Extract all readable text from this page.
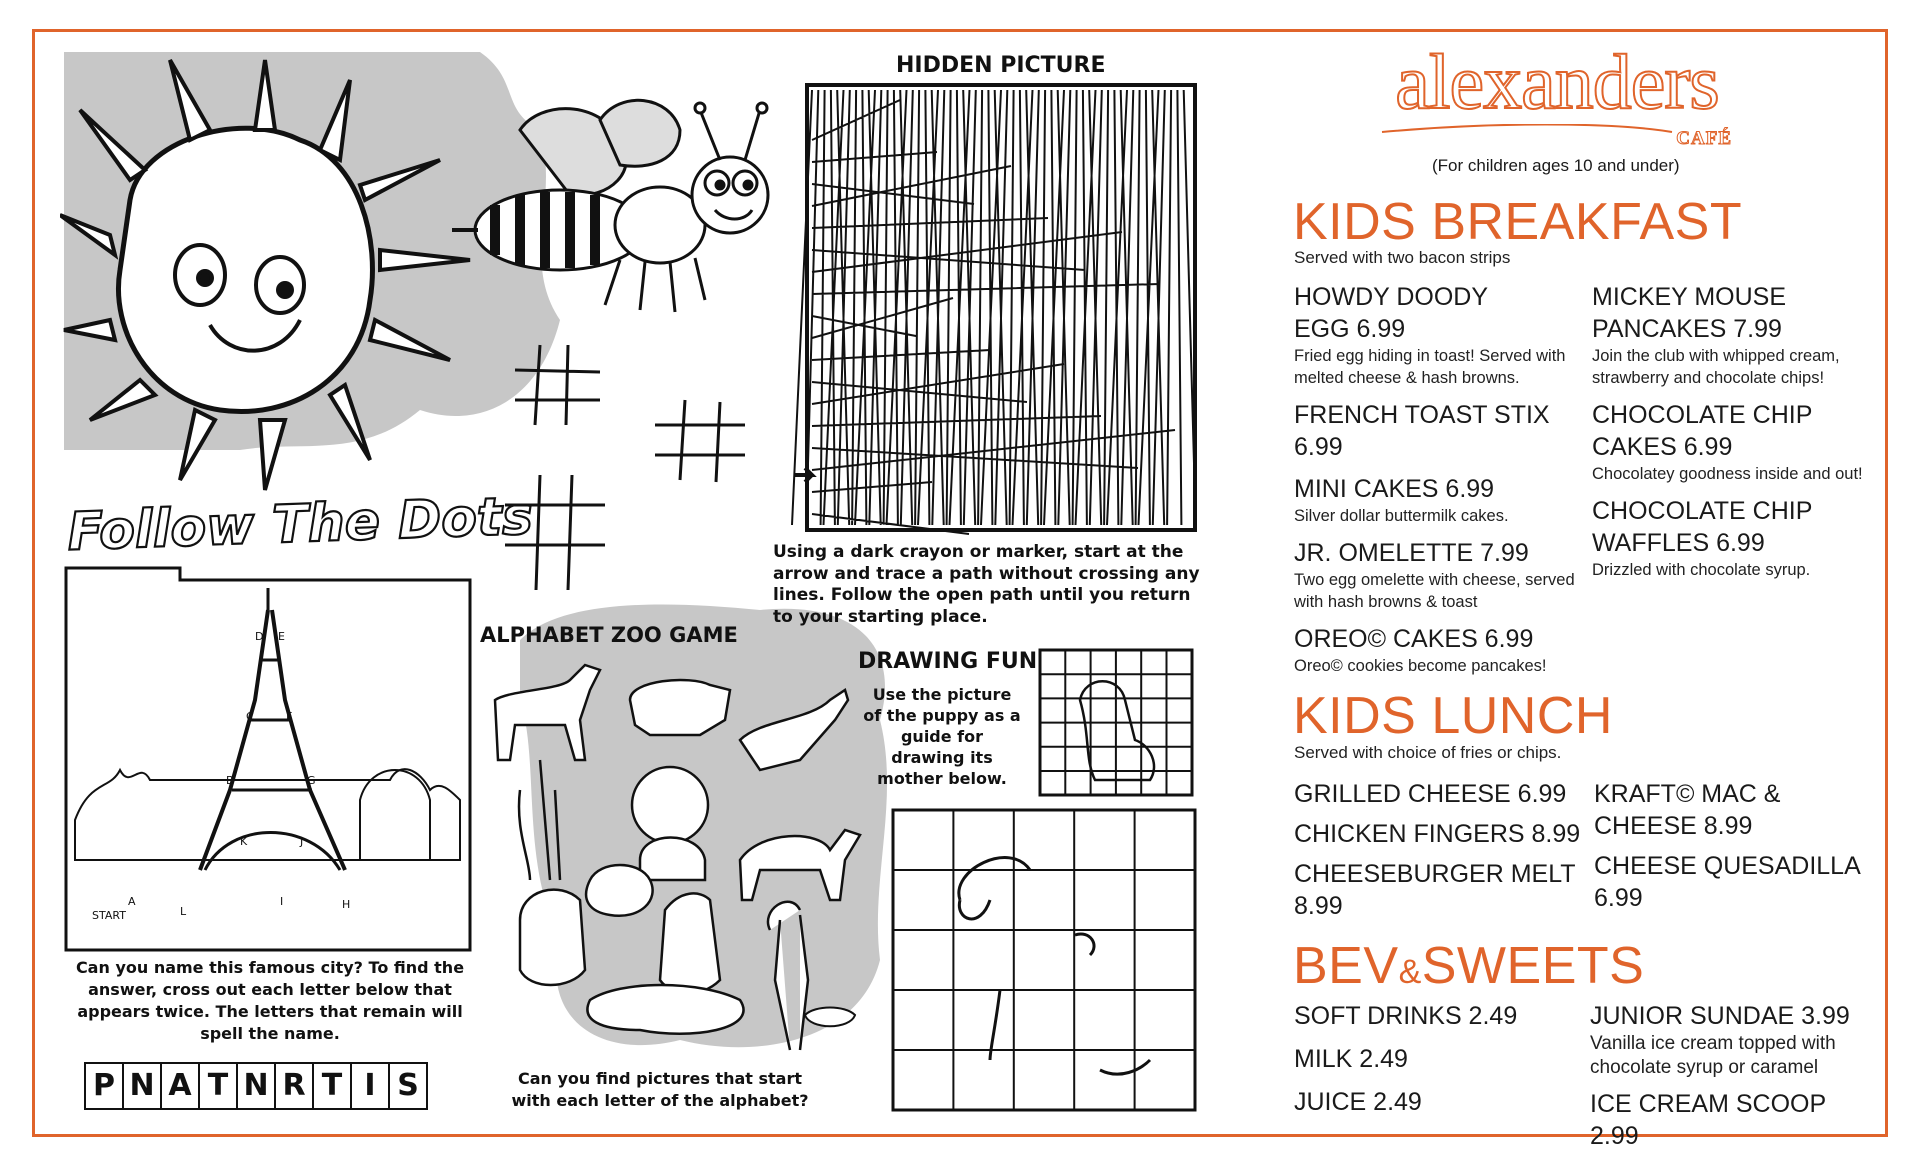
Follow The Dots
HIDDEN PICTURE
D E
C	F
B	G
K	J
A
L
I	H
START
ALPHABET ZOO GAME
DRAWING FUN
Using a dark crayon or marker, start at the arrow and trace a path without crossing any lines. Follow the open path until you return to your starting place.
Use the picture of the puppy as a guide for drawing its mother below.
Can you name this famous city? To find the answer, cross out each letter below that appears twice. The letters that remain will spell the name.
P N A T N R T I S	Can you find pictures that start with each letter of the alphabet?
alexanders
CAFÉ
(For children ages 10 and under)
KIDS BREAKFAST
Served with two bacon strips
HOWDY DOODY
EGG 6.99
Fried egg hiding in toast! Served with melted cheese & hash browns.
FRENCH TOAST STIX 6.99
MINI CAKES 6.99
Silver dollar buttermilk cakes.
JR. OMELETTE 7.99
Two egg omelette with cheese, served with hash browns & toast
OREO© CAKES 6.99
Oreo© cookies become pancakes!
MICKEY MOUSE
PANCAKES 7.99
Join the club with whipped cream, strawberry and chocolate chips!
CHOCOLATE CHIP
CAKES 6.99
Chocolatey goodness inside and out!
CHOCOLATE CHIP
WAFFLES 6.99
Drizzled with chocolate syrup.
KIDS LUNCH
Served with choice of fries or chips.
GRILLED CHEESE 6.99
CHICKEN FINGERS 8.99
CHEESEBURGER MELT 8.99
KRAFT© MAC &
CHEESE 8.99
CHEESE QUESADILLA 6.99
BEV&SWEETS
SOFT DRINKS 2.49
MILK 2.49
JUICE 2.49
JUNIOR SUNDAE 3.99
Vanilla ice cream topped with chocolate syrup or caramel
ICE CREAM SCOOP 2.99
